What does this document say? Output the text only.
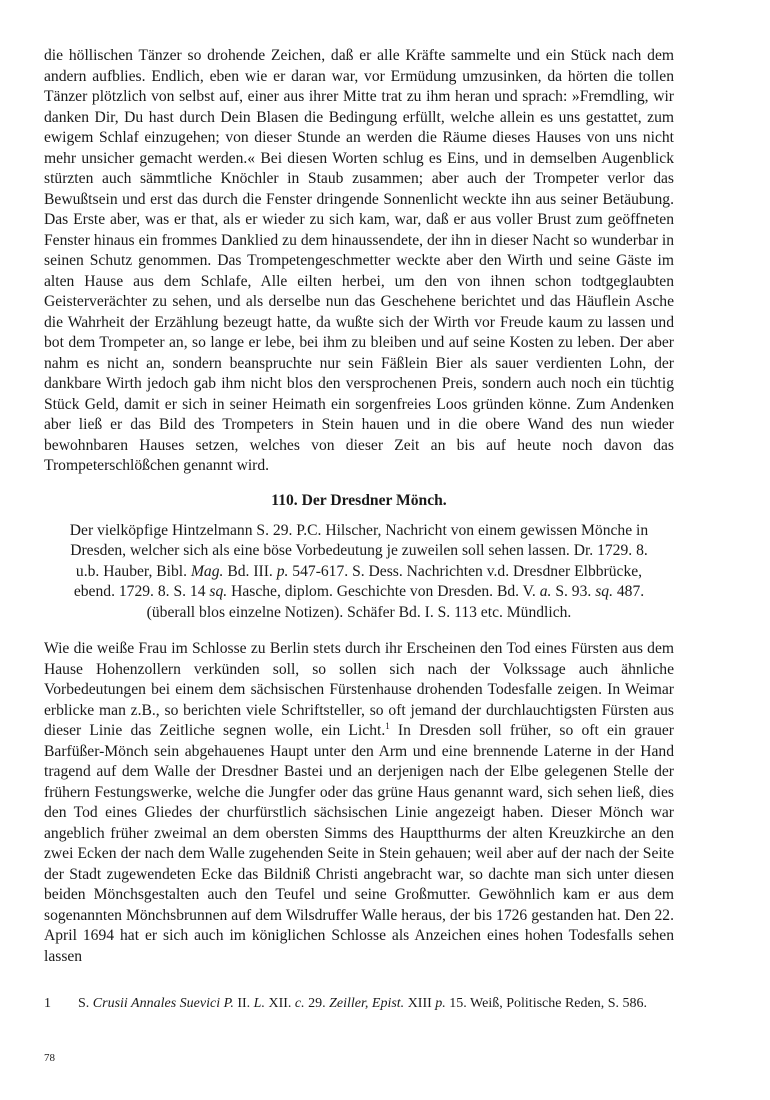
die höllischen Tänzer so drohende Zeichen, daß er alle Kräfte sammelte und ein Stück nach dem andern aufblies. Endlich, eben wie er daran war, vor Ermüdung umzusinken, da hörten die tollen Tänzer plötzlich von selbst auf, einer aus ihrer Mitte trat zu ihm heran und sprach: »Fremdling, wir danken Dir, Du hast durch Dein Blasen die Bedingung erfüllt, welche allein es uns gestattet, zum ewigem Schlaf einzugehen; von dieser Stunde an werden die Räume dieses Hauses von uns nicht mehr unsicher gemacht werden.« Bei diesen Worten schlug es Eins, und in demselben Augenblick stürzten auch sämmtliche Knöchler in Staub zusammen; aber auch der Trompeter verlor das Bewußtsein und erst das durch die Fenster dringende Sonnenlicht weckte ihn aus seiner Betäubung. Das Erste aber, was er that, als er wieder zu sich kam, war, daß er aus voller Brust zum geöffneten Fenster hinaus ein frommes Danklied zu dem hinaussendete, der ihn in dieser Nacht so wunderbar in seinen Schutz genommen. Das Trompetengeschmetter weckte aber den Wirth und seine Gäste im alten Hause aus dem Schlafe, Alle eilten herbei, um den von ihnen schon todtgeglaubten Geisterverächter zu sehen, und als derselbe nun das Geschehene berichtet und das Häuflein Asche die Wahrheit der Erzählung bezeugt hatte, da wußte sich der Wirth vor Freude kaum zu lassen und bot dem Trompeter an, so lange er lebe, bei ihm zu bleiben und auf seine Kosten zu leben. Der aber nahm es nicht an, sondern beanspruchte nur sein Fäßlein Bier als sauer verdienten Lohn, der dankbare Wirth jedoch gab ihm nicht blos den versprochenen Preis, sondern auch noch ein tüchtig Stück Geld, damit er sich in seiner Heimath ein sorgenfreies Loos gründen könne. Zum Andenken aber ließ er das Bild des Trompeters in Stein hauen und in die obere Wand des nun wieder bewohnbaren Hauses setzen, welches von dieser Zeit an bis auf heute noch davon das Trompeterschlößchen genannt wird.

110. Der Dresdner Mönch.
Der vielköpfige Hintzelmann S. 29. P.C. Hilscher, Nachricht von einem gewissen Mönche in Dresden, welcher sich als eine böse Vorbedeutung je zuweilen soll sehen lassen. Dr. 1729. 8. u.b. Hauber, Bibl. Mag. Bd. III. p. 547-617. S. Dess. Nachrichten v.d. Dresdner Elbbrücke, ebend. 1729. 8. S. 14 sq. Hasche, diplom. Geschichte von Dresden. Bd. V. a. S. 93. sq. 487. (überall blos einzelne Notizen). Schäfer Bd. I. S. 113 etc. Mündlich.

Wie die weiße Frau im Schlosse zu Berlin stets durch ihr Erscheinen den Tod eines Fürsten aus dem Hause Hohenzollern verkünden soll, so sollen sich nach der Volkssage auch ähnliche Vorbedeutungen bei einem dem sächsischen Fürstenhause drohenden Todesfalle zeigen. In Weimar erblicke man z.B., so berichten viele Schriftsteller, so oft jemand der durchlauchtigsten Fürsten aus dieser Linie das Zeitliche segnen wolle, ein Licht.$^1$ In Dresden soll früher, so oft ein grauer Barfüßer-Mönch sein abgehauenes Haupt unter den Arm und eine brennende Laterne in der Hand tragend auf dem Walle der Dresdner Bastei und an derjenigen nach der Elbe gelegenen Stelle der frühern Festungswerke, welche die Jungfer oder das grüne Haus genannt ward, sich sehen ließ, dies den Tod eines Gliedes der churfürstlich sächsischen Linie angezeigt haben. Dieser Mönch war angeblich früher zweimal an dem obersten Simms des Hauptthurms der alten Kreuzkirche an den zwei Ecken der nach dem Walle zugehenden Seite in Stein gehauen; weil aber auf der nach der Seite der Stadt zugewendeten Ecke das Bildniß Christi angebracht war, so dachte man sich unter diesen beiden Mönchsgestalten auch den Teufel und seine Großmutter. Gewöhnlich kam er aus dem sogenannten Mönchsbrunnen auf dem Wilsdruffer Walle heraus, der bis 1726 gestanden hat. Den 22. April 1694 hat er sich auch im königlichen Schlosse als Anzeichen eines hohen Todesfalls sehen lassen

1	S. Crusii Annales Suevici P. II. L. XII. c. 29. Zeiller, Epist. XIII p. 15. Weiß, Politische Reden, S. 586.
78
